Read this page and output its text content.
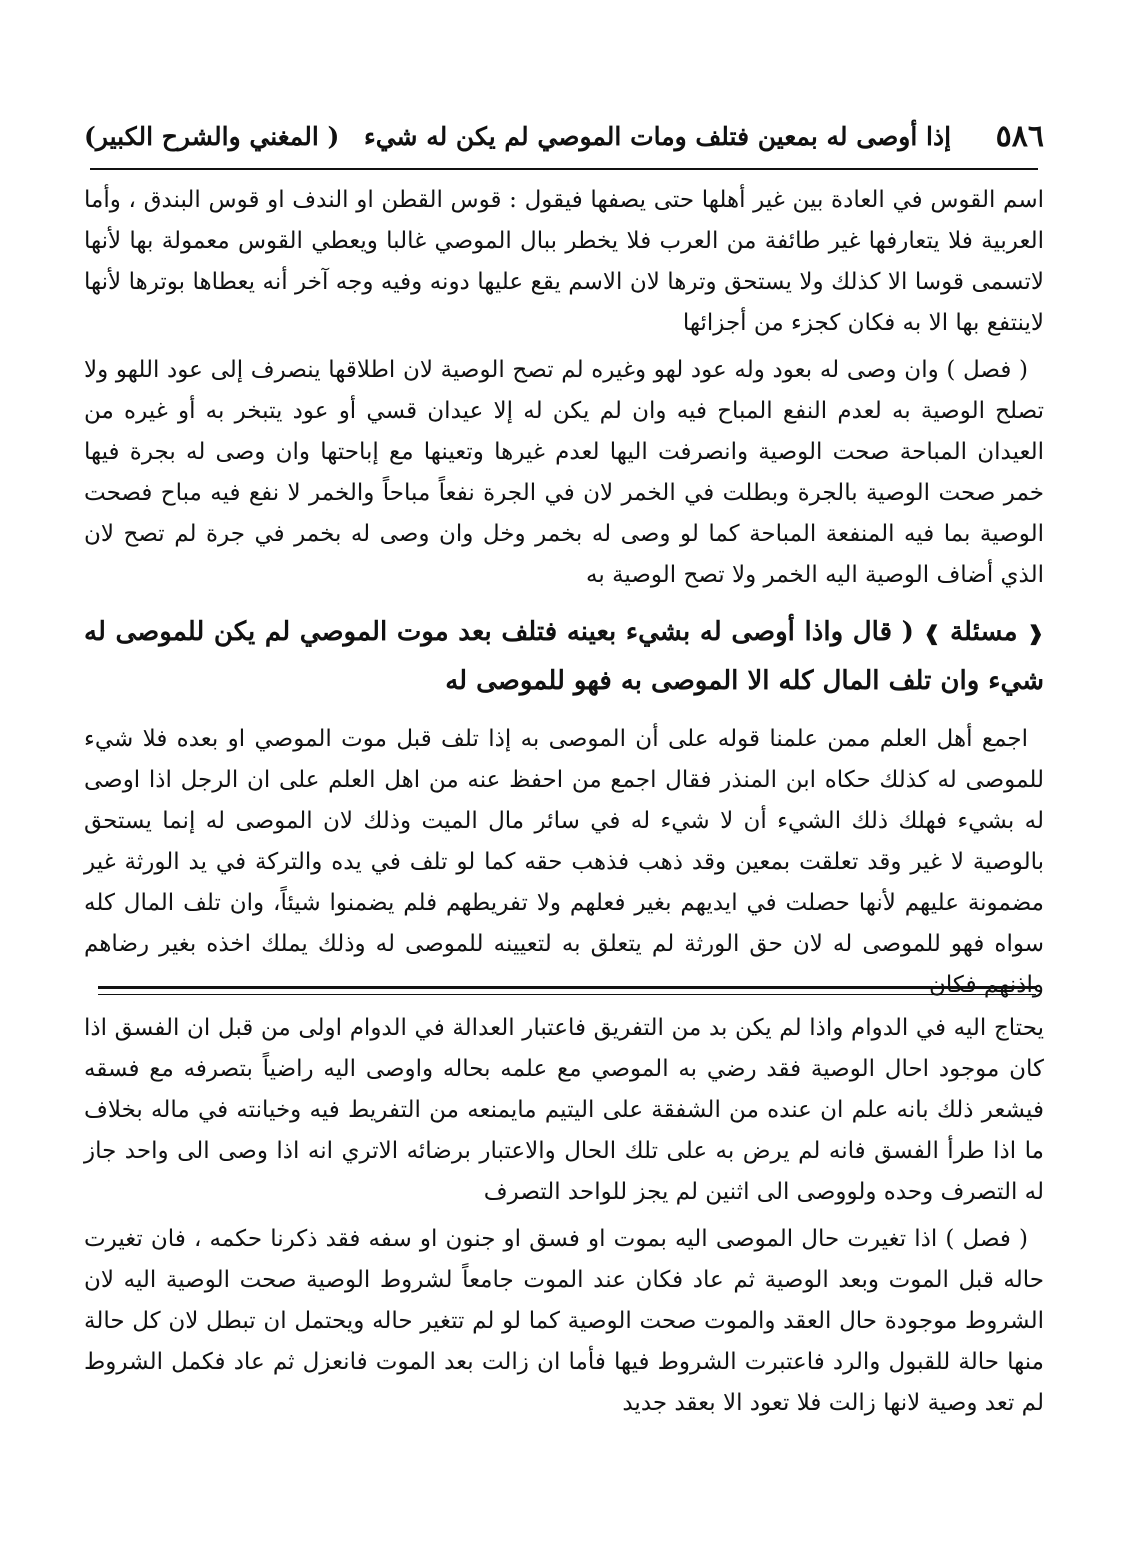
٥٨٦
إذا أوصى له بمعين فتلف ومات الموصي لم يكن له شيء
( المغني والشرح الكبير)

اسم القوس في العادة بين غير أهلها حتى يصفها فيقول : قوس القطن او الندف او قوس البندق ، وأما العربية فلا يتعارفها غير طائفة من العرب فلا يخطر ببال الموصي غالبا ويعطي القوس معمولة بها لأنها لاتسمى قوسا الا كذلك ولا يستحق وترها لان الاسم يقع عليها دونه وفيه وجه آخر أنه يعطاها بوترها لأنها لاينتفع بها الا به فكان كجزء من أجزائها

( فصل ) وان وصى له بعود وله عود لهو وغيره لم تصح الوصية لان اطلاقها ينصرف إلى عود اللهو ولا تصلح الوصية به لعدم النفع المباح فيه وان لم يكن له إلا عيدان قسي أو عود يتبخر به أو غيره من العيدان المباحة صحت الوصية وانصرفت اليها لعدم غيرها وتعينها مع إباحتها وان وصى له بجرة فيها خمر صحت الوصية بالجرة وبطلت في الخمر لان في الجرة نفعاً مباحاً والخمر لا نفع فيه مباح فصحت الوصية بما فيه المنفعة المباحة كما لو وصى له بخمر وخل وان وصى له بخمر في جرة لم تصح لان الذي أضاف الوصية اليه الخمر ولا تصح الوصية به

❰ مسئلة ❱ ( قال واذا أوصى له بشيء بعينه فتلف بعد موت الموصي لم يكن للموصى له شيء وان تلف المال كله الا الموصى به فهو للموصى له

اجمع أهل العلم ممن علمنا قوله على أن الموصى به إذا تلف قبل موت الموصي او بعده فلا شيء للموصى له كذلك حكاه ابن المنذر فقال اجمع من احفظ عنه من اهل العلم على ان الرجل اذا اوصى له بشيء فهلك ذلك الشيء أن لا شيء له في سائر مال الميت وذلك لان الموصى له إنما يستحق بالوصية لا غير وقد تعلقت بمعين وقد ذهب فذهب حقه كما لو تلف في يده والتركة في يد الورثة غير مضمونة عليهم لأنها حصلت في ايديهم بغير فعلهم ولا تفريطهم فلم يضمنوا شيئاً، وان تلف المال كله سواه فهو للموصى له لان حق الورثة لم يتعلق به لتعيينه للموصى له وذلك يملك اخذه بغير رضاهم واذنهم فكان

يحتاج اليه في الدوام واذا لم يكن بد من التفريق فاعتبار العدالة في الدوام اولى من قبل ان الفسق اذا كان موجود احال الوصية فقد رضي به الموصي مع علمه بحاله واوصى اليه راضياً بتصرفه مع فسقه فيشعر ذلك بانه علم ان عنده من الشفقة على اليتيم مايمنعه من التفريط فيه وخيانته في ماله بخلاف ما اذا طرأ الفسق فانه لم يرض به على تلك الحال والاعتبار برضائه الاتري انه اذا وصى الى واحد جاز له التصرف وحده ولووصى الى اثنين لم يجز للواحد التصرف

( فصل ) اذا تغيرت حال الموصى اليه بموت او فسق او جنون او سفه فقد ذكرنا حكمه ، فان تغيرت حاله قبل الموت وبعد الوصية ثم عاد فكان عند الموت جامعاً لشروط الوصية صحت الوصية اليه لان الشروط موجودة حال العقد والموت صحت الوصية كما لو لم تتغير حاله ويحتمل ان تبطل لان كل حالة منها حالة للقبول والرد فاعتبرت الشروط فيها فأما ان زالت بعد الموت فانعزل ثم عاد فكمل الشروط لم تعد وصية لانها زالت فلا تعود الا بعقد جديد
